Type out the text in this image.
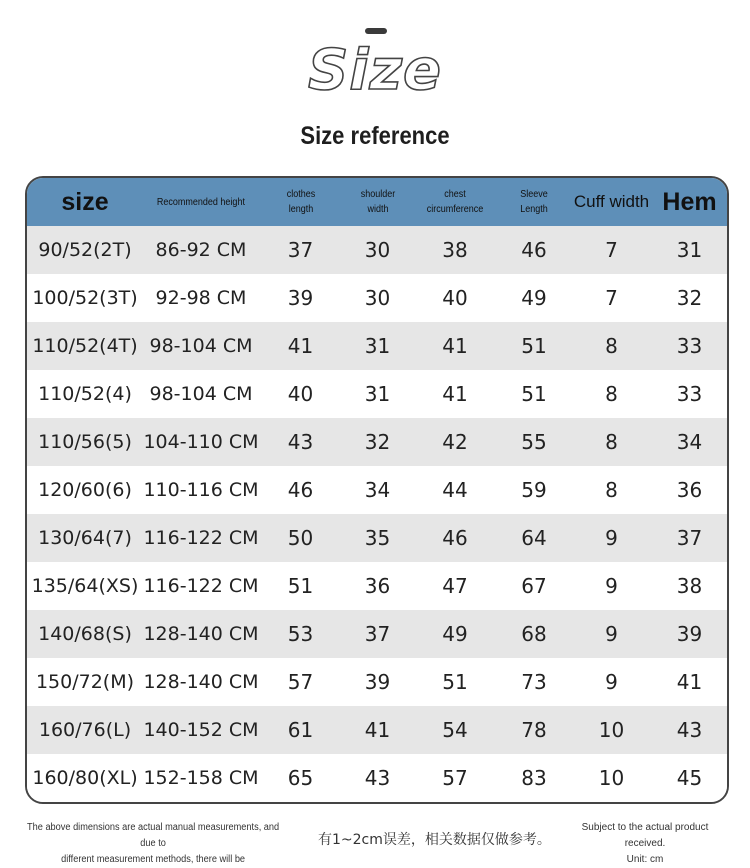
Size
Size reference
size	Recommended height	clothes length	shoulder width	chest circumference	Sleeve Length	Cuff width	Hem
90/52(2T)	86-92 CM	37	30	38	46	7	31
100/52(3T)	92-98 CM	39	30	40	49	7	32
110/52(4T)	98-104 CM	41	31	41	51	8	33
110/52(4)	98-104 CM	40	31	41	51	8	33
110/56(5)	104-110 CM	43	32	42	55	8	34
120/60(6)	110-116 CM	46	34	44	59	8	36
130/64(7)	116-122 CM	50	35	46	64	9	37
135/64(XS)	116-122 CM	51	36	47	67	9	38
140/68(S)	128-140 CM	53	37	49	68	9	39
150/72(M)	128-140 CM	57	39	51	73	9	41
160/76(L)	140-152 CM	61	41	54	78	10	43
160/80(XL)	152-158 CM	65	43	57	83	10	45
The above dimensions are actual manual measurements, and due to
different measurement methods, there will be
有1~2cm误差，相关数据仅做参考。
Subject to the actual product received.
Unit: cm
